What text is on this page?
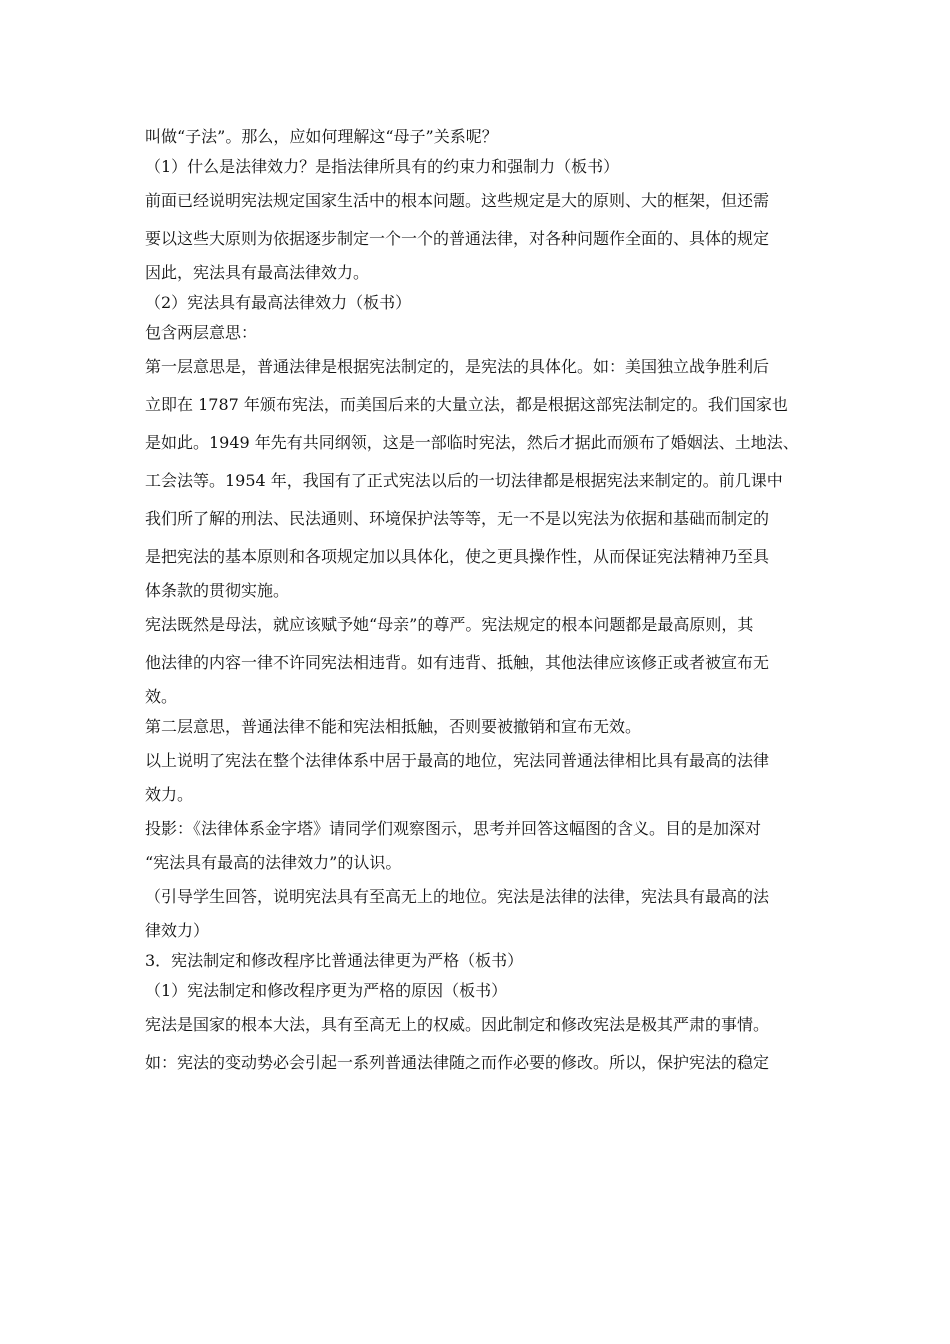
叫做“子法”。那么，应如何理解这“母子”关系呢？

（1）什么是法律效力？是指法律所具有的约束力和强制力（板书）

前面已经说明宪法规定国家生活中的根本问题。这些规定是大的原则、大的框架，但还需

要以这些大原则为依据逐步制定一个一个的普通法律，对各种问题作全面的、具体的规定

因此，宪法具有最高法律效力。

（2）宪法具有最高法律效力（板书）

包含两层意思：

第一层意思是，普通法律是根据宪法制定的，是宪法的具体化。如：美国独立战争胜利后

立即在 1787 年颁布宪法，而美国后来的大量立法，都是根据这部宪法制定的。我们国家也

是如此。1949 年先有共同纲领，这是一部临时宪法，然后才据此而颁布了婚姻法、土地法、

工会法等。1954 年，我国有了正式宪法以后的一切法律都是根据宪法来制定的。前几课中

我们所了解的刑法、民法通则、环境保护法等等，无一不是以宪法为依据和基础而制定的

是把宪法的基本原则和各项规定加以具体化，使之更具操作性，从而保证宪法精神乃至具

体条款的贯彻实施。

宪法既然是母法，就应该赋予她“母亲”的尊严。宪法规定的根本问题都是最高原则，其

他法律的内容一律不许同宪法相违背。如有违背、抵触，其他法律应该修正或者被宣布无

效。

第二层意思，普通法律不能和宪法相抵触，否则要被撤销和宣布无效。

以上说明了宪法在整个法律体系中居于最高的地位，宪法同普通法律相比具有最高的法律

效力。

投影：《法律体系金字塔》请同学们观察图示，思考并回答这幅图的含义。目的是加深对

“宪法具有最高的法律效力”的认识。

（引导学生回答，说明宪法具有至高无上的地位。宪法是法律的法律，宪法具有最高的法

律效力）

3．宪法制定和修改程序比普通法律更为严格（板书）

（1）宪法制定和修改程序更为严格的原因（板书）

宪法是国家的根本大法，具有至高无上的权威。因此制定和修改宪法是极其严肃的事情。

如：宪法的变动势必会引起一系列普通法律随之而作必要的修改。所以，保护宪法的稳定
